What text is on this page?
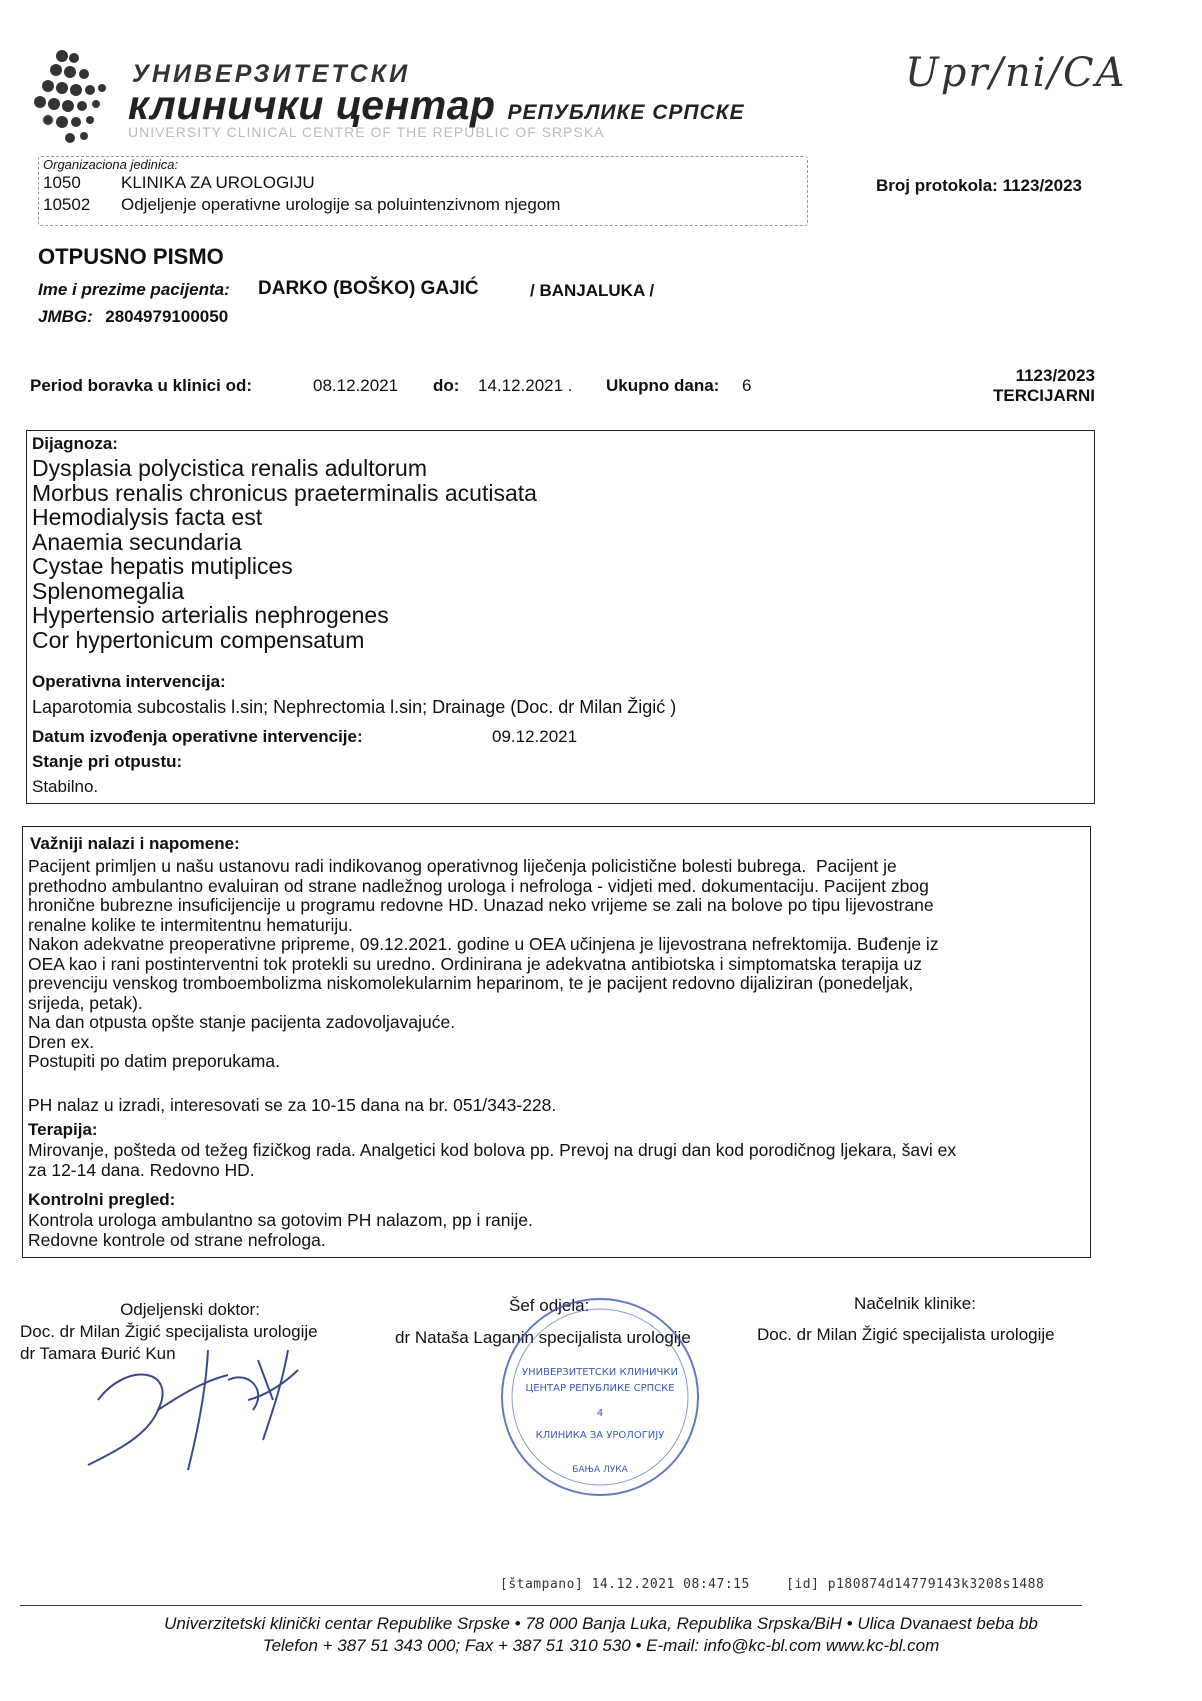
УНИВЕРЗИТЕТСКИ
клинички центар РЕПУБЛИКЕ СРПСКЕ
UNIVERSITY CLINICAL CENTRE OF THE REPUBLIC OF SRPSKA
Upr/ni/CA
Organizaciona jedinica:
1050 KLINIKA ZA UROLOGIJU
10502 Odjeljenje operativne urologije sa poluintenzivnom njegom
Broj protokola: 1123/2023
OTPUSNO PISMO
Ime i prezime pacijenta: DARKO (BOŠKO) GAJIĆ	/ BANJALUKA /
JMBG: 2804979100050
Period boravka u klinici od:	08.12.2021 do: 14.12.2021 . Ukupno dana: 6
1123/2023
TERCIJARNI
Dijagnoza:
Dysplasia polycistica renalis adultorum
Morbus renalis chronicus praeterminalis acutisata
Hemodialysis facta est
Anaemia secundaria
Cystae hepatis mutiplices
Splenomegalia
Hypertensio arterialis nephrogenes
Cor hypertonicum compensatum
Operativna intervencija:
Laparotomia subcostalis l.sin; Nephrectomia l.sin; Drainage (Doc. dr Milan Žigić )
Datum izvođenja operativne intervencije:	09.12.2021
Stanje pri otpustu:
Stabilno.
Važniji nalazi i napomene:
Pacijent primljen u našu ustanovu radi indikovanog operativnog liječenja policistične bolesti bubrega.  Pacijent je
prethodno ambulantno evaluiran od strane nadležnog urologa i nefrologa - vidjeti med. dokumentaciju. Pacijent zbog
hronične bubrezne insuficijencije u programu redovne HD. Unazad neko vrijeme se zali na bolove po tipu lijevostrane
renalne kolike te intermitentnu hematuriju.
Nakon adekvatne preoperativne pripreme, 09.12.2021. godine u OEA učinjena je lijevostrana nefrektomija. Buđenje iz
OEA kao i rani postinterventni tok protekli su uredno. Ordinirana je adekvatna antibiotska i simptomatska terapija uz
prevenciju venskog tromboembolizma niskomolekularnim heparinom, te je pacijent redovno dijaliziran (ponedeljak,
srijeda, petak).
Na dan otpusta opšte stanje pacijenta zadovoljavajuće.
Dren ex.
Postupiti po datim preporukama.
PH nalaz u izradi, interesovati se za 10-15 dana na br. 051/343-228.
Terapija:
Mirovanje, pošteda od težeg fizičkog rada. Analgetici kod bolova pp. Prevoj na drugi dan kod porodičnog ljekara, šavi ex
za 12-14 dana. Redovno HD.
Kontrolni pregled:
Kontrola urologa ambulantno sa gotovim PH nalazom, pp i ranije.
Redovne kontrole od strane nefrologa.
Odjeljenski doktor:
Doc. dr Milan Žigić specijalista urologije
dr Tamara Đurić Kun
Šef odjela:
dr Nataša Laganin specijalista urologije
УНИВЕРЗИТЕТСКИ КЛИНИЧКИ
ЦЕНТАР РЕПУБЛИКЕ СРПСКЕ
4
КЛИНИКА ЗА УРОЛОГИЈУ
БАЊА ЛУКА
Načelnik klinike:
Doc. dr Milan Žigić specijalista urologije
[štampano] 14.12.2021 08:47:15	[id] p180874d14779143k3208s1488
Univerzitetski klinički centar Republike Srpske • 78 000 Banja Luka, Republika Srpska/BiH • Ulica Dvanaest beba bb
Telefon + 387 51 343 000; Fax + 387 51 310 530 • E-mail: info@kc-bl.com www.kc-bl.com
